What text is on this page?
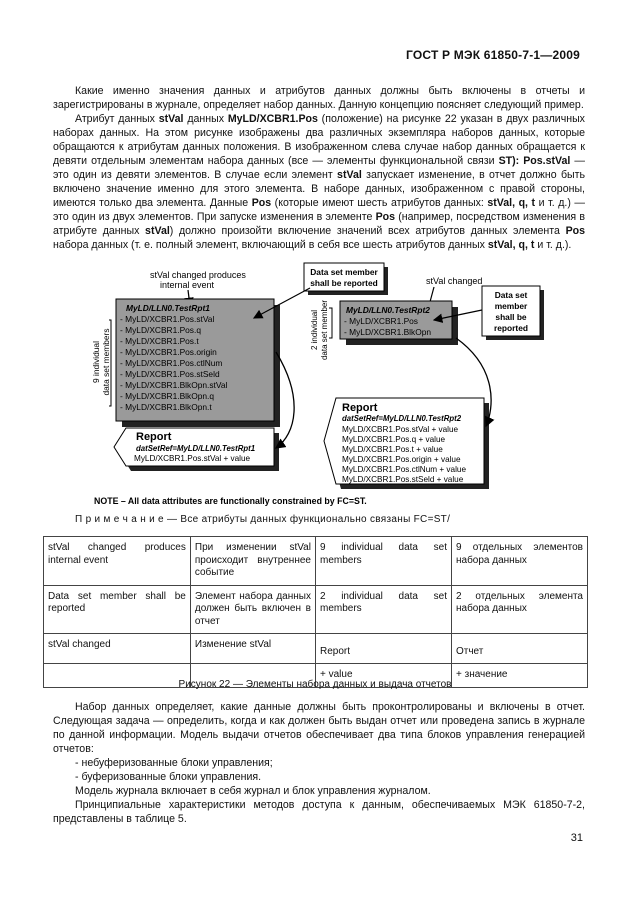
ГОСТ Р МЭК 61850-7-1—2009

Какие именно значения данных и атрибутов данных должны быть включены в отчеты и зарегистрированы в журнале, определяет набор данных. Данную концепцию поясняет следующий пример.

Атрибут данных stVal данных MyLD/XCBR1.Pos (положение) на рисунке 22 указан в двух различных наборах данных. На этом рисунке изображены два различных экземпляра наборов данных, которые обращаются к атрибутам данных положения. В изображенном слева случае набор данных обращается к девяти отдельным элементам набора данных (все — элементы функциональной связи ST): Pos.stVal — это один из девяти элементов. В случае если элемент stVal запускает изменение, в отчет должно быть включено значение именно для этого элемента. В наборе данных, изображенном с правой стороны, имеются только два элемента. Данные Pos (которые имеют шесть атрибутов данных: stVal, q, t и т. д.) — это один из двух элементов. При запуске изменения в элементе Pos (например, посредством изменения в атрибуте данных stVal) должно произойти включение значений всех атрибутов данных элемента Pos набора данных (т. е. полный элемент, включающий в себя все шесть атрибутов данных stVal, q, t и т. д.).

stVal changed produces
internal event
MyLD/LLN0.TestRpt1
- MyLD/XCBR1.Pos.stVal
- MyLD/XCBR1.Pos.q
- MyLD/XCBR1.Pos.t
- MyLD/XCBR1.Pos.origin
- MyLD/XCBR1.Pos.ctlNum
- MyLD/XCBR1.Pos.stSeld
- MyLD/XCBR1.BlkOpn.stVal
- MyLD/XCBR1.BlkOpn.q
- MyLD/XCBR1.BlkOpn.t
9 individual data set members
Data set member
shall be reported	stVal changed
MyLD/LLN0.TestRpt2
- MyLD/XCBR1.Pos
- MyLD/XCBR1.BlkOpn
2 individual data set member
Data set
member
shall be
reported
Report
datSetRef=MyLD/LLN0.TestRpt1
MyLD/XCBR1.Pos.stVal + value
Report
datSetRef=MyLD/LLN0.TestRpt2
MyLD/XCBR1.Pos.stVal + value
MyLD/XCBR1.Pos.q + value
MyLD/XCBR1.Pos.t + value
MyLD/XCBR1.Pos.origin + value
MyLD/XCBR1.Pos.ctlNum + value
MyLD/XCBR1.Pos.stSeld + value
NOTE – All data attributes are functionally constrained by FC=ST.
П р и м е ч а н и е — Все атрибуты данных функционально связаны FC=ST/
stVal changed produces internal event	При изменении stVal происходит внутреннее событие	9 individual data set members	9 отдельных элементов набора данных
Data set member shall be reported	Элемент набора данных должен быть включен в отчет	2 individual data set members	2 отдельных элемента набора данных
stVal changed	Изменение stVal	Report	Отчет
		+ value	+ значение
Рисунок 22 — Элементы набора данных и выдача отчетов

Набор данных определяет, какие данные должны быть проконтролированы и включены в отчет. Следующая задача — определить, когда и как должен быть выдан отчет или проведена запись в журнале по данной информации. Модель выдачи отчетов обеспечивает два типа блоков управления генерацией отчетов:

- небуферизованные блоки управления;

- буферизованные блоки управления.

Модель журнала включает в себя журнал и блок управления журналом.

Принципиальные характеристики методов доступа к данным, обеспечиваемых МЭК 61850-7-2, представлены в таблице 5.

31
